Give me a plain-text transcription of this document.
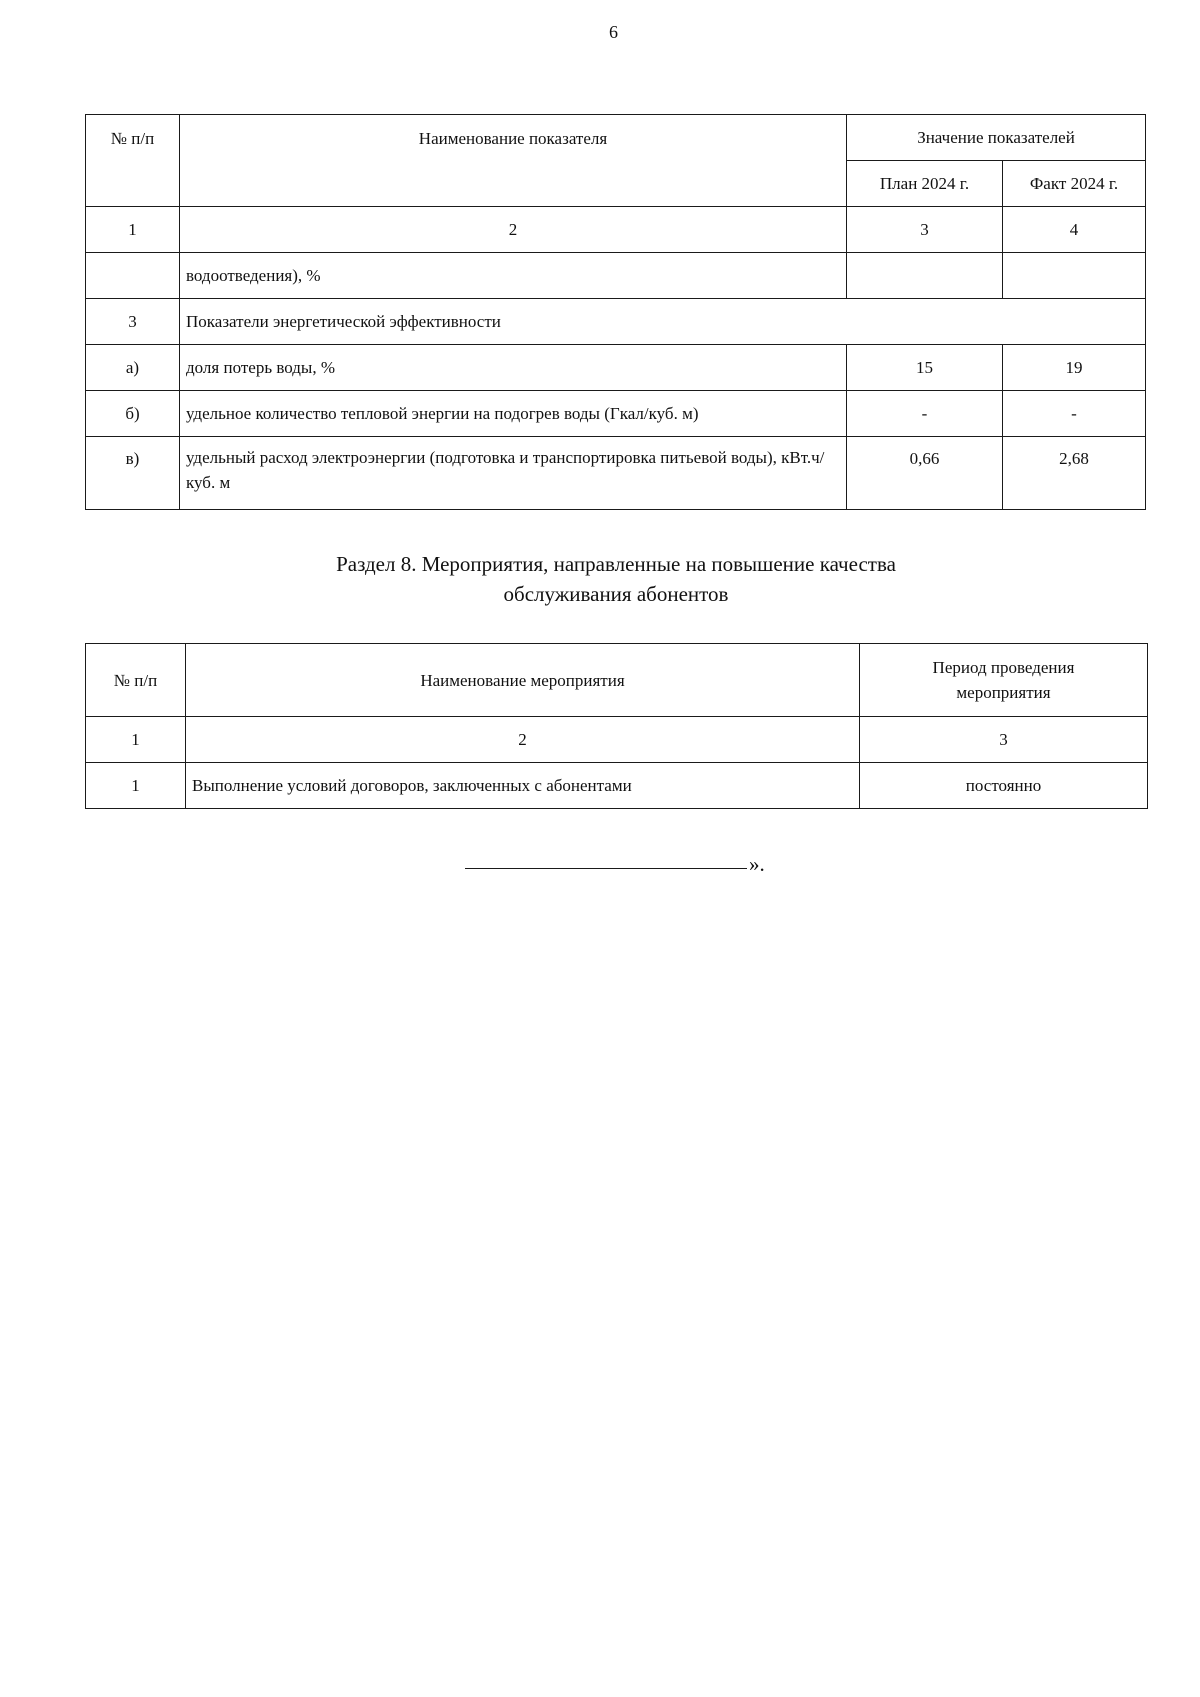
6
№ п/п	Наименование показателя	Значение показателей	
		План 2024 г.	Факт 2024 г.
1	2	3	4
	водоотведения), %		
3	Показатели энергетической эффективности		
а)	доля потерь воды, %	15	19
б)	удельное количество тепловой энергии на подогрев воды (Гкал/куб. м)	-	-

в)	удельный расход электроэнергии (подготовка и транспортировка питьевой воды), кВт.ч/куб. м	0,66	2,68
Раздел 8. Мероприятия, направленные на повышение качества
обслуживания абонентов
№ п/п	Наименование мероприятия	Период проведения мероприятия
1	2	3
1	Выполнение условий договоров, заключенных с абонентами	постоянно
».
